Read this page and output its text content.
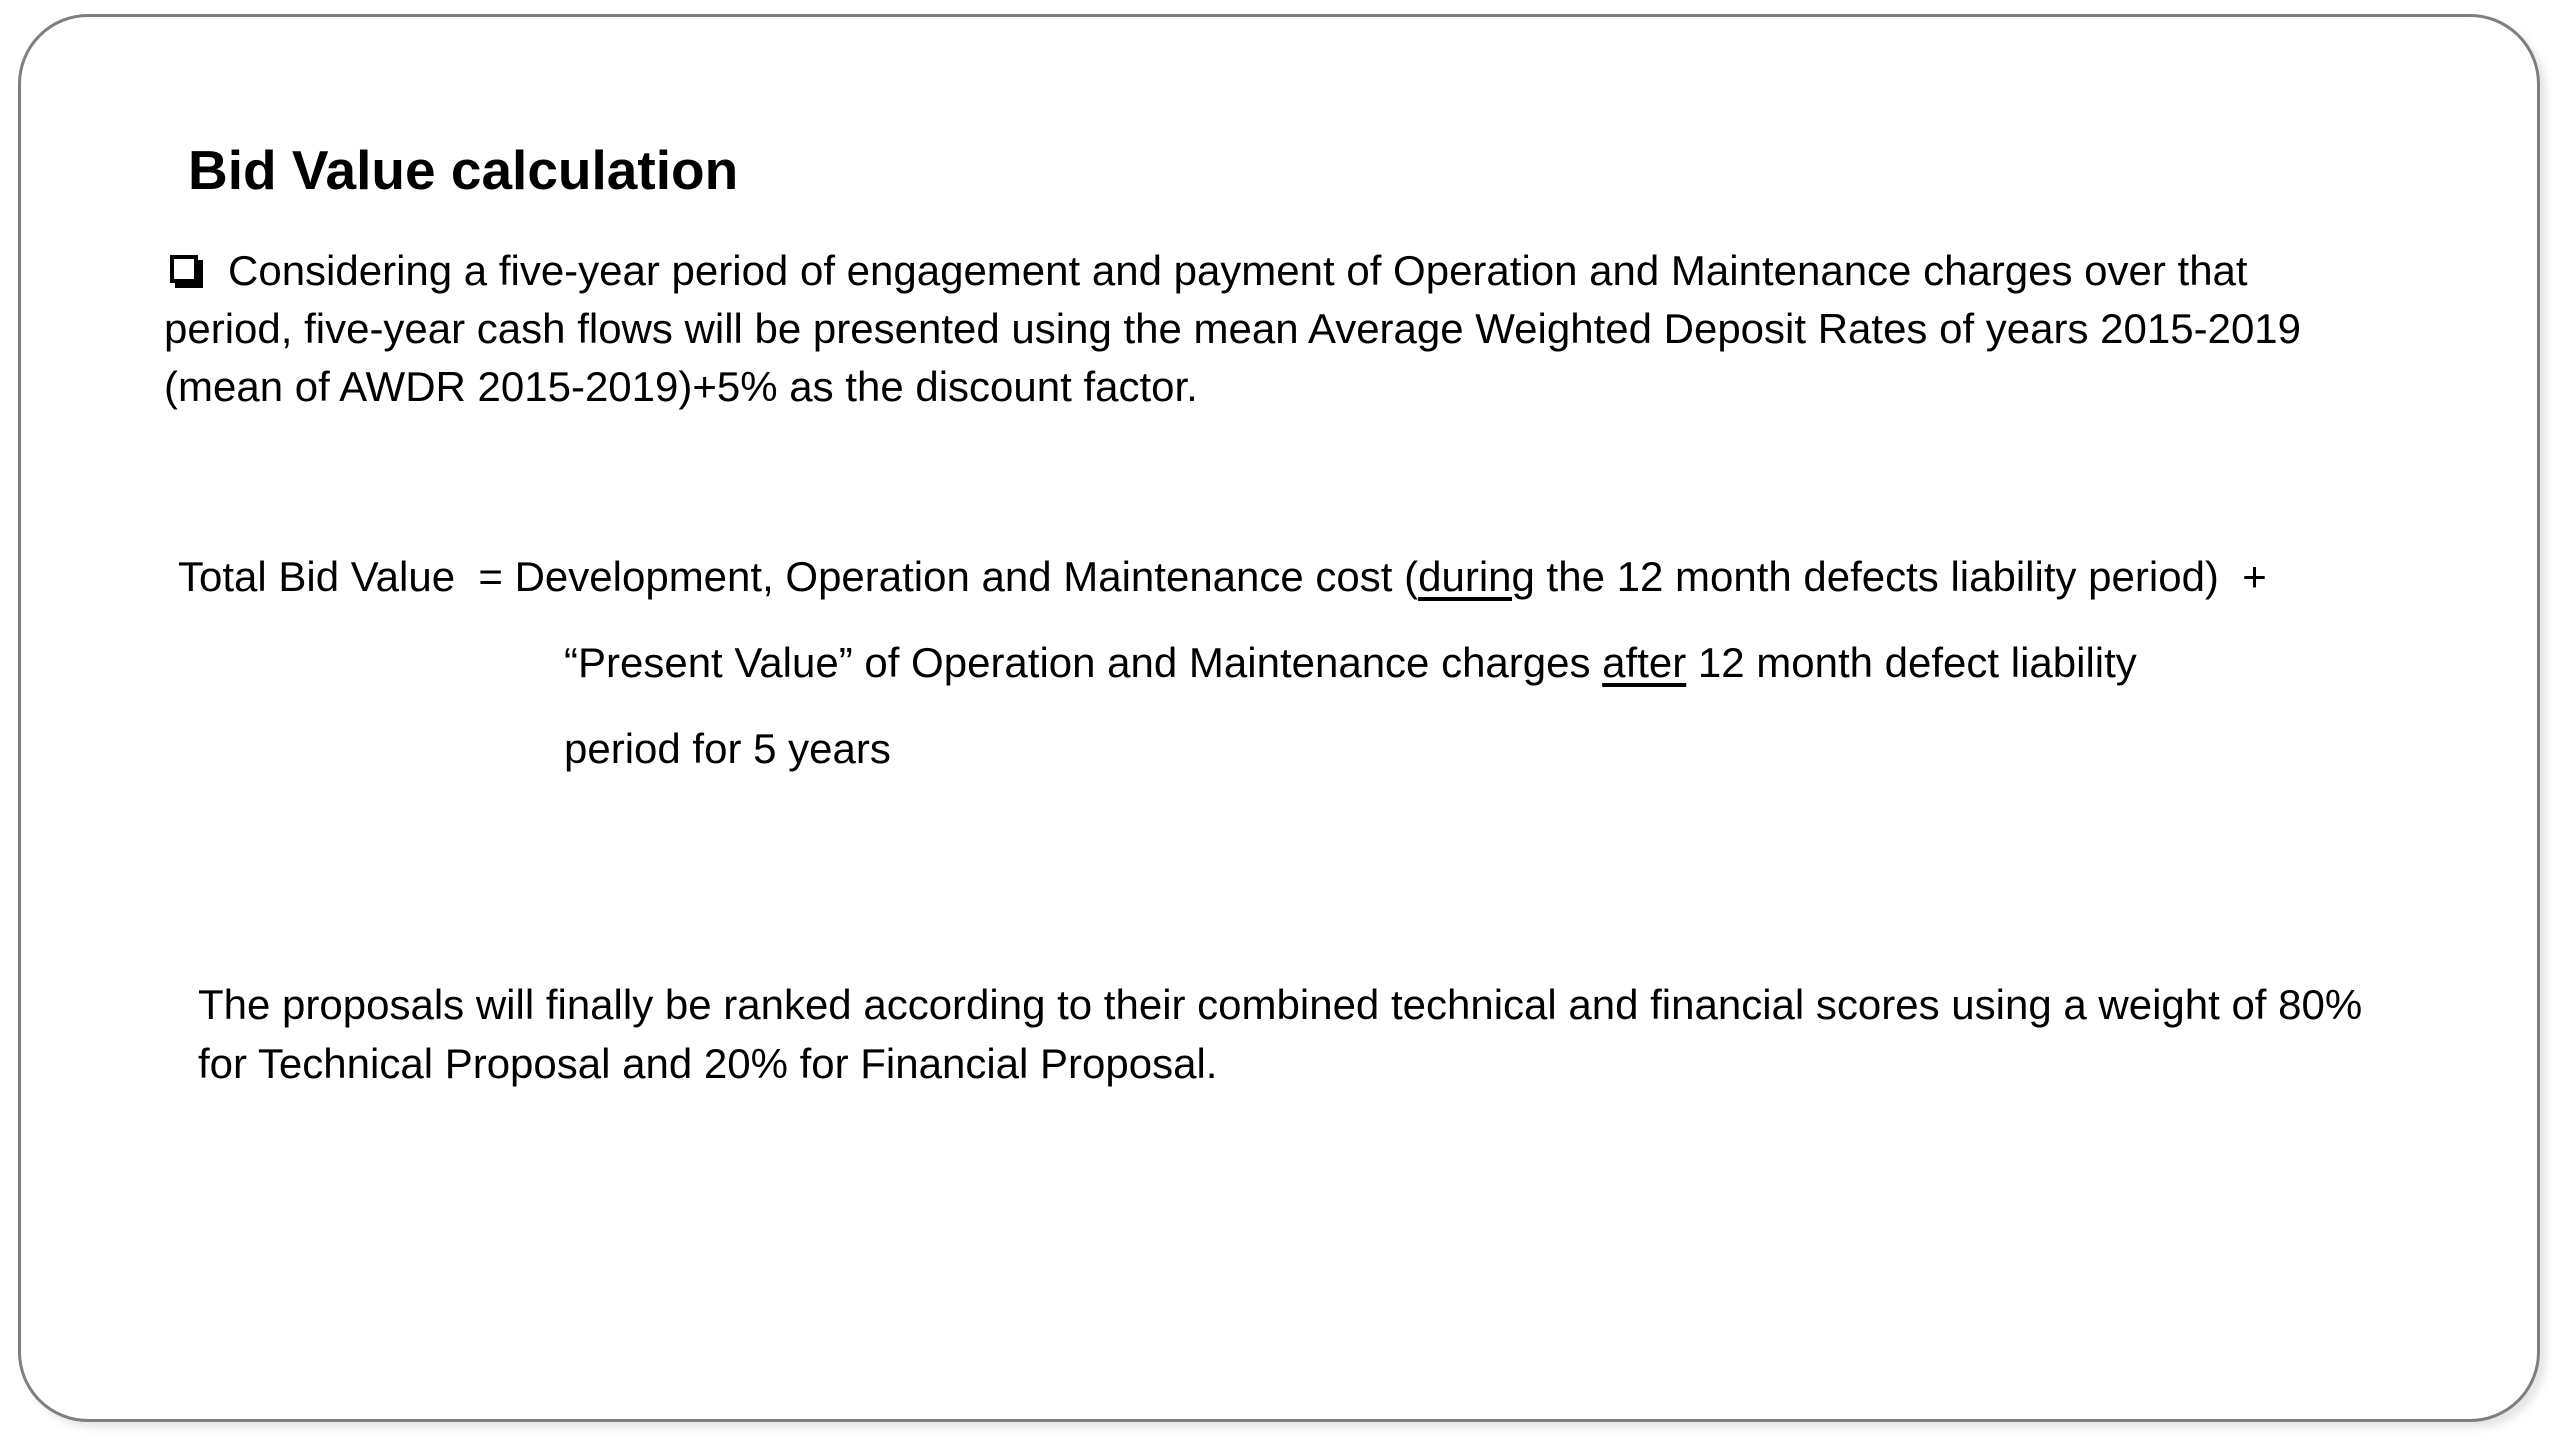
Bid Value calculation
Considering a five-year period of engagement and payment of Operation and Maintenance charges over that period, five-year cash flows will be presented using the mean Average Weighted Deposit Rates of years 2015-2019 (mean of AWDR 2015-2019)+5% as the discount factor.
Total Bid Value  = Development, Operation and Maintenance cost (during the 12 month defects liability period)  +
“Present Value” of Operation and Maintenance charges after 12 month defect liability
period for 5 years
The proposals will finally be ranked according to their combined technical and financial scores using a weight of 80% for Technical Proposal and 20% for Financial Proposal.
